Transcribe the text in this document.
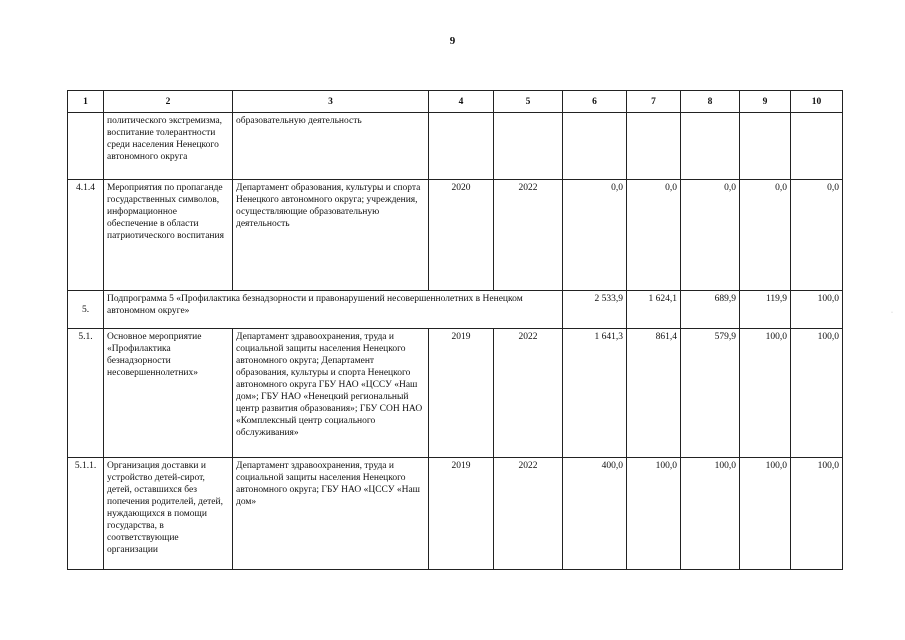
9
1	2	3	4	5	6	7	8	9	10
	политического экстремизма, воспитание толерантности среди населения Ненецкого автономного округа	образовательную деятельность							
4.1.4	Мероприятия по пропаганде государственных символов, информационное обеспечение в области патриотического воспитания	Департамент образования, культуры и спорта Ненецкого автономного округа; учреждения, осуществляющие образовательную деятельность	2020	2022	0,0	0,0	0,0	0,0	0,0
5.	Подпрограмма 5 «Профилактика безнадзорности и правонарушений несовершеннолетних в Ненецком автономном округе»				2 533,9	1 624,1	689,9	119,9	100,0
5.1.	Основное мероприятие «Профилактика безнадзорности несовершеннолетних»	Департамент здравоохранения, труда и социальной защиты населения Ненецкого автономного округа; Департамент образования, культуры и спорта Ненецкого автономного округа ГБУ НАО «ЦССУ «Наш дом»; ГБУ НАО «Ненецкий региональный центр развития образования»; ГБУ СОН НАО «Комплексный центр социального обслуживания»	2019	2022	1 641,3	861,4	579,9	100,0	100,0
5.1.1.	Организация доставки и устройство детей-сирот, детей, оставшихся без попечения родителей, детей, нуждающихся в помощи государства, в соответствующие организации	Департамент здравоохранения, труда и социальной защиты населения Ненецкого автономного округа; ГБУ НАО «ЦССУ «Наш дом»	2019	2022	400,0	100,0	100,0	100,0	100,0
·
